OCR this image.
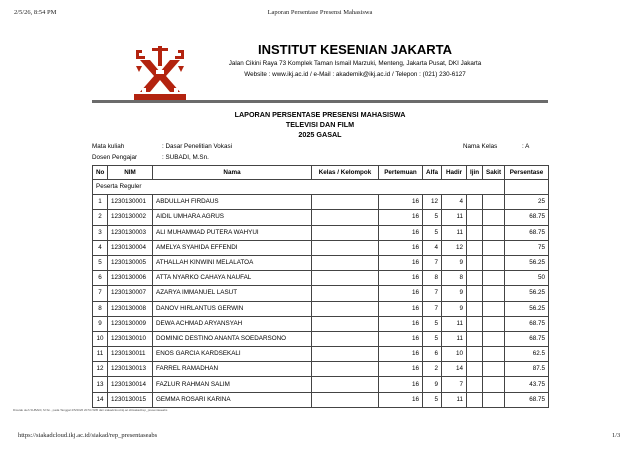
2/5/26, 8:54 PM	Laporan Persentase Presensi Mahasiswa
INSTITUT KESENIAN JAKARTA
Jalan Cikini Raya 73 Komplek Taman Ismail Marzuki, Menteng, Jakarta Pusat, DKI Jakarta
Website : www.ikj.ac.id / e-Mail : akademik@ikj.ac.id / Telepon : (021) 230-6127
LAPORAN PERSENTASE PRESENSI MAHASISWA
TELEVISI DAN FILM
2025 GASAL
Mata kuliah	: Dasar Penelitian Vokasi
Dosen Pengajar	: SUBADI, M.Sn.
Nama Kelas	: A
No	NIM	Nama	Kelas / Kelompok	Pertemuan	Alfa	Hadir	Ijin	Sakit	Persentase
Peserta Reguler									
1	1230130001	ABDULLAH FIRDAUS		16	12	4			25
2	1230130002	AIDIL UMHARA AGRUS		16	5	11			68.75
3	1230130003	ALI MUHAMMAD PUTERA WAHYUI		16	5	11			68.75
4	1230130004	AMELYA SYAHIDA EFFENDI		16	4	12			75
5	1230130005	ATHALLAH KINWINI MELALATOA		16	7	9			56.25
6	1230130006	ATTA NYARKO CAHAYA NAUFAL		16	8	8			50
7	1230130007	AZARYA IMMANUEL LASUT		16	7	9			56.25
8	1230130008	DANOV HIRLANTUS GERWIN		16	7	9			56.25
9	1230130009	DEWA ACHMAD ARYANSYAH		16	5	11			68.75
10	1230130010	DOMINIC DESTINO ANANTA SOEDARSONO		16	5	11			68.75
11	1230130011	ENOS GARCIA KARDSEKALI		16	6	10			62.5
12	1230130013	FARREL RAMADHAN		16	2	14			87.5
13	1230130014	FAZLUR RAHMAN SALIM		16	9	7			43.75
14	1230130015	GEMMA ROSARI KARINA		16	5	11			68.75
Dicetak oleh SUBADI, M.Sn., pada Tanggal 2/5/2026 20:54 WIB dari siakadcloud.ikj.ac.id/siakad/rep_presentaseabs
https://siakadcloud.ikj.ac.id/siakad/rep_presentaseabs	1/3
